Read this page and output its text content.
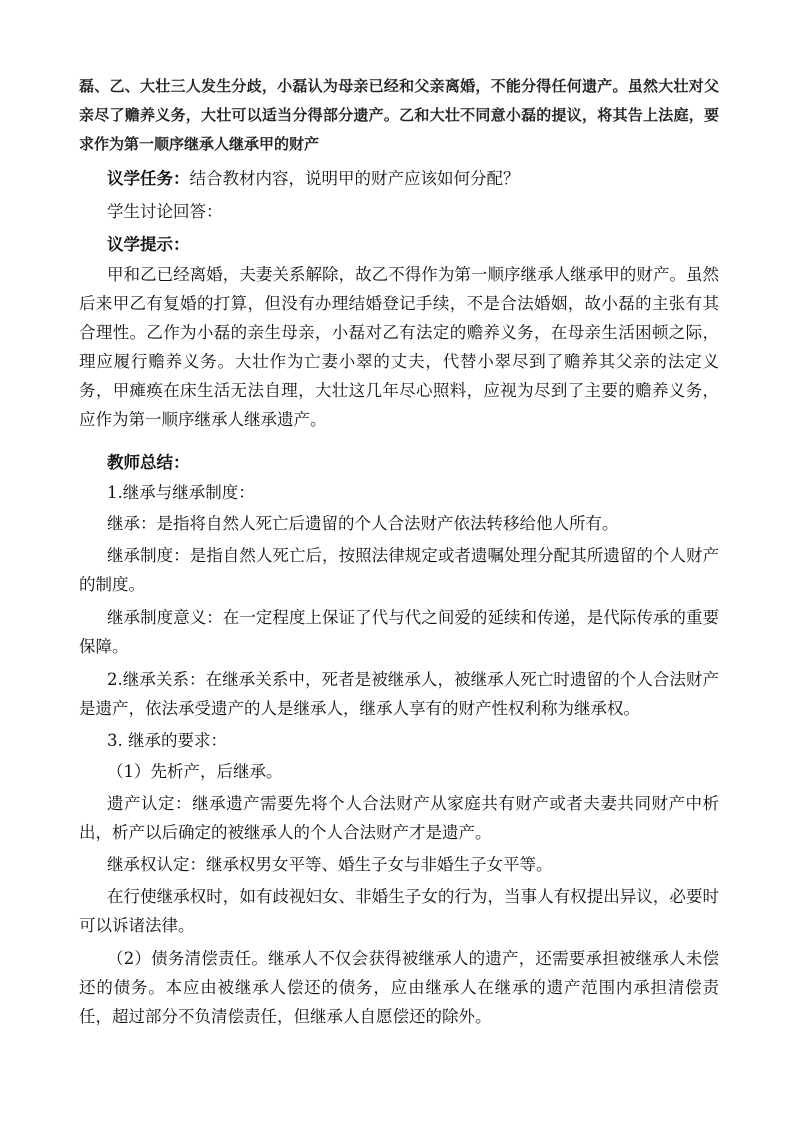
磊、乙、大壮三人发生分歧，小磊认为母亲已经和父亲离婚，不能分得任何遗产。虽然大壮对父亲尽了赡养义务，大壮可以适当分得部分遗产。乙和大壮不同意小磊的提议，将其告上法庭，要求作为第一顺序继承人继承甲的财产

议学任务：结合教材内容，说明甲的财产应该如何分配？

学生讨论回答：

议学提示：

甲和乙已经离婚，夫妻关系解除，故乙不得作为第一顺序继承人继承甲的财产。虽然后来甲乙有复婚的打算，但没有办理结婚登记手续，不是合法婚姻，故小磊的主张有其合理性。乙作为小磊的亲生母亲，小磊对乙有法定的赡养义务，在母亲生活困顿之际，理应履行赡养义务。大壮作为亡妻小翠的丈夫，代替小翠尽到了赡养其父亲的法定义务，甲瘫痪在床生活无法自理，大壮这几年尽心照料，应视为尽到了主要的赡养义务，应作为第一顺序继承人继承遗产。

教师总结：

1.继承与继承制度：

继承：是指将自然人死亡后遗留的个人合法财产依法转移给他人所有。

继承制度：是指自然人死亡后，按照法律规定或者遗嘱处理分配其所遗留的个人财产的制度。

继承制度意义：在一定程度上保证了代与代之间爱的延续和传递，是代际传承的重要保障。

2.继承关系：在继承关系中，死者是被继承人，被继承人死亡时遗留的个人合法财产是遗产，依法承受遗产的人是继承人，继承人享有的财产性权利称为继承权。

3. 继承的要求：

（1）先析产，后继承。

遗产认定：继承遗产需要先将个人合法财产从家庭共有财产或者夫妻共同财产中析出，析产以后确定的被继承人的个人合法财产才是遗产。

继承权认定：继承权男女平等、婚生子女与非婚生子女平等。

在行使继承权时，如有歧视妇女、非婚生子女的行为，当事人有权提出异议，必要时可以诉诸法律。

（2）债务清偿责任。继承人不仅会获得被继承人的遗产，还需要承担被继承人未偿还的债务。本应由被继承人偿还的债务，应由继承人在继承的遗产范围内承担清偿责任，超过部分不负清偿责任，但继承人自愿偿还的除外。
